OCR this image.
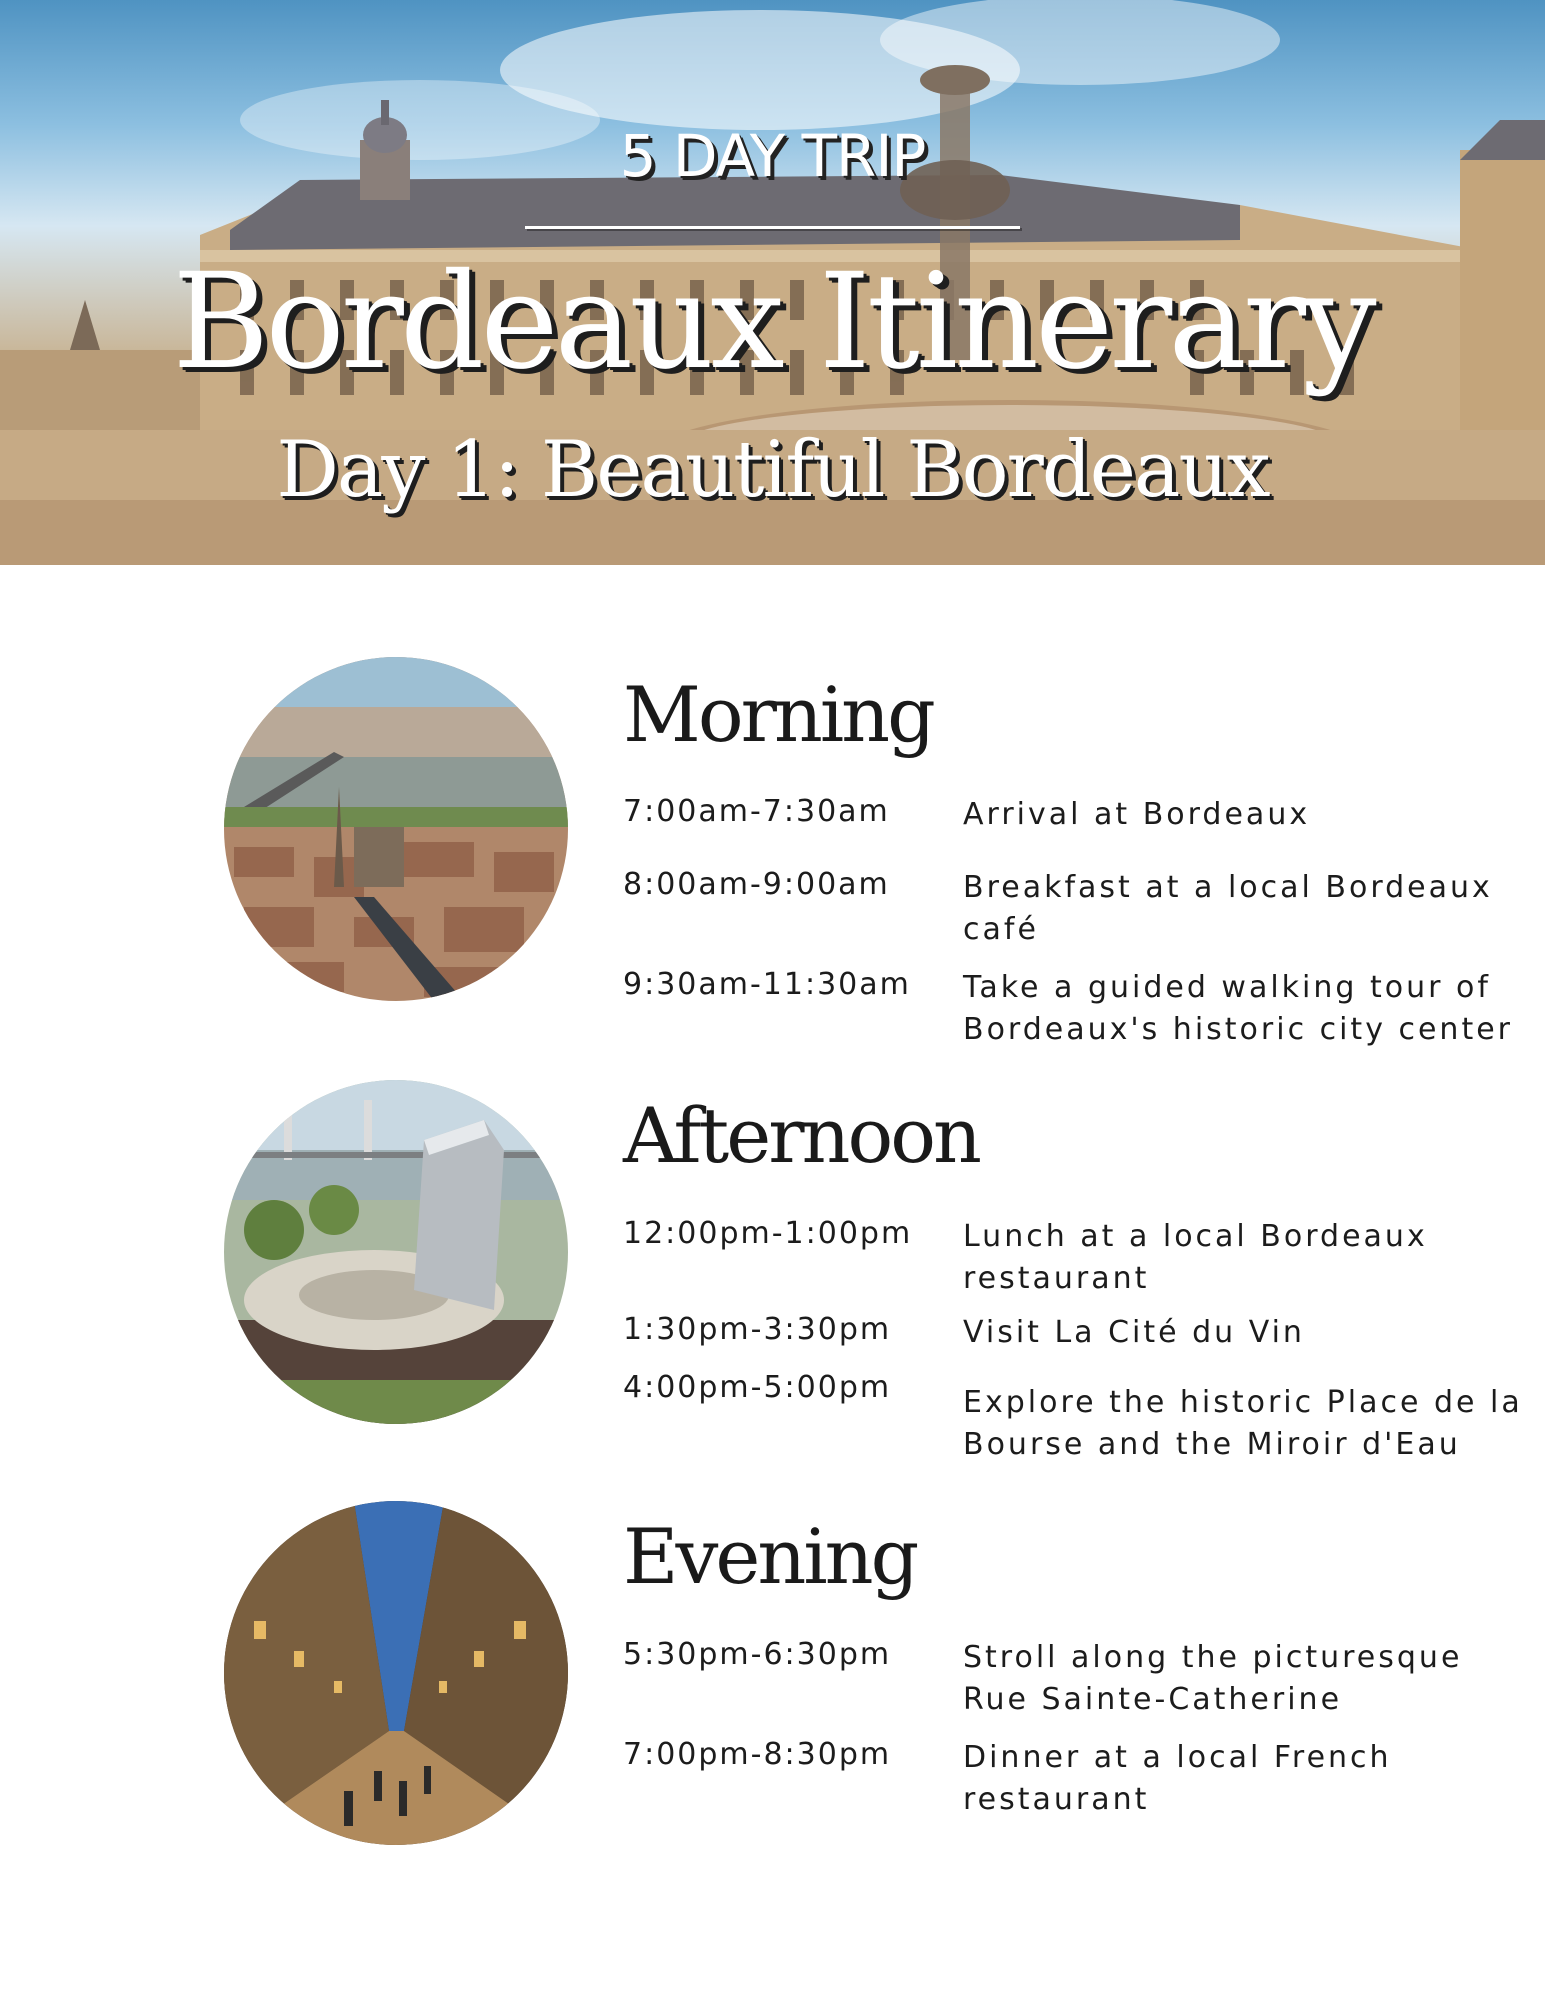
5 DAY TRIP
Bordeaux Itinerary
Day 1: Beautiful Bordeaux
Morning
7:00am-7:30am Arrival at Bordeaux
8:00am-9:00am Breakfast at a local Bordeaux café
9:30am-11:30am Take a guided walking tour of Bordeaux's historic city center
Afternoon
12:00pm-1:00pm Lunch at a local Bordeaux restaurant
1:30pm-3:30pm Visit La Cité du Vin
4:00pm-5:00pm Explore the historic Place de la Bourse and the Miroir d'Eau
Evening
5:30pm-6:30pm Stroll along the picturesque Rue Sainte-Catherine
7:00pm-8:30pm Dinner at a local French restaurant
